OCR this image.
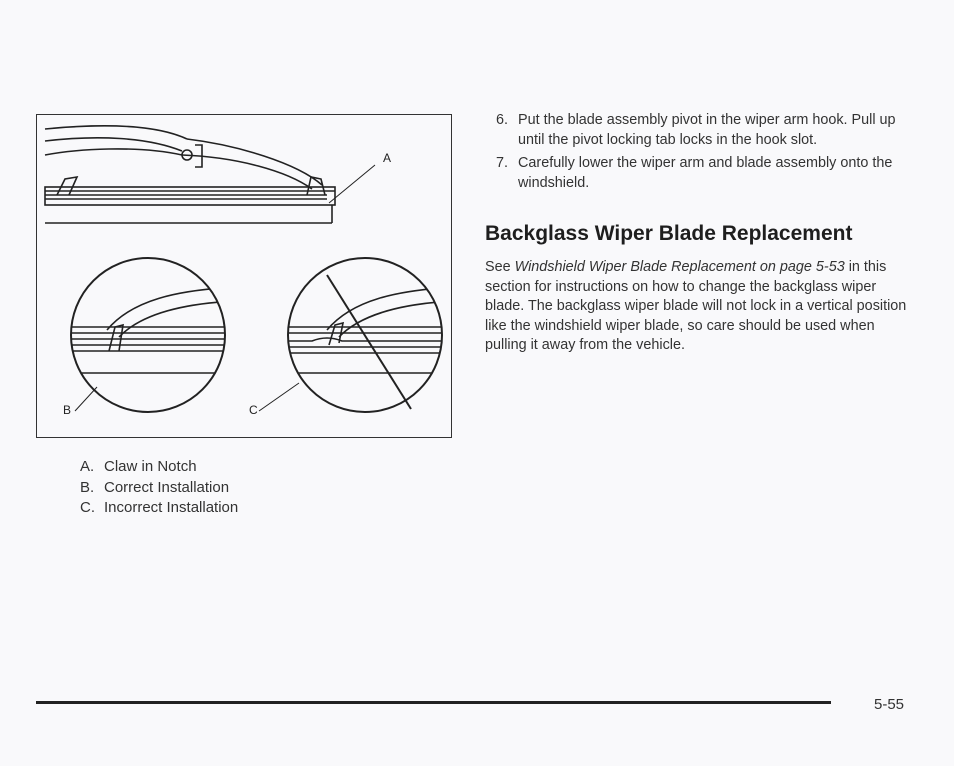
A
B	C
A. Claw in Notch
B. Correct Installation
C. Incorrect Installation
6. Put the blade assembly pivot in the wiper arm hook. Pull up until the pivot locking tab locks in the hook slot.
7. Carefully lower the wiper arm and blade assembly onto the windshield.
Backglass Wiper Blade Replacement

See Windshield Wiper Blade Replacement on page 5-53 in this section for instructions on how to change the backglass wiper blade. The backglass wiper blade will not lock in a vertical position like the windshield wiper blade, so care should be used when pulling it away from the vehicle.

5-55
